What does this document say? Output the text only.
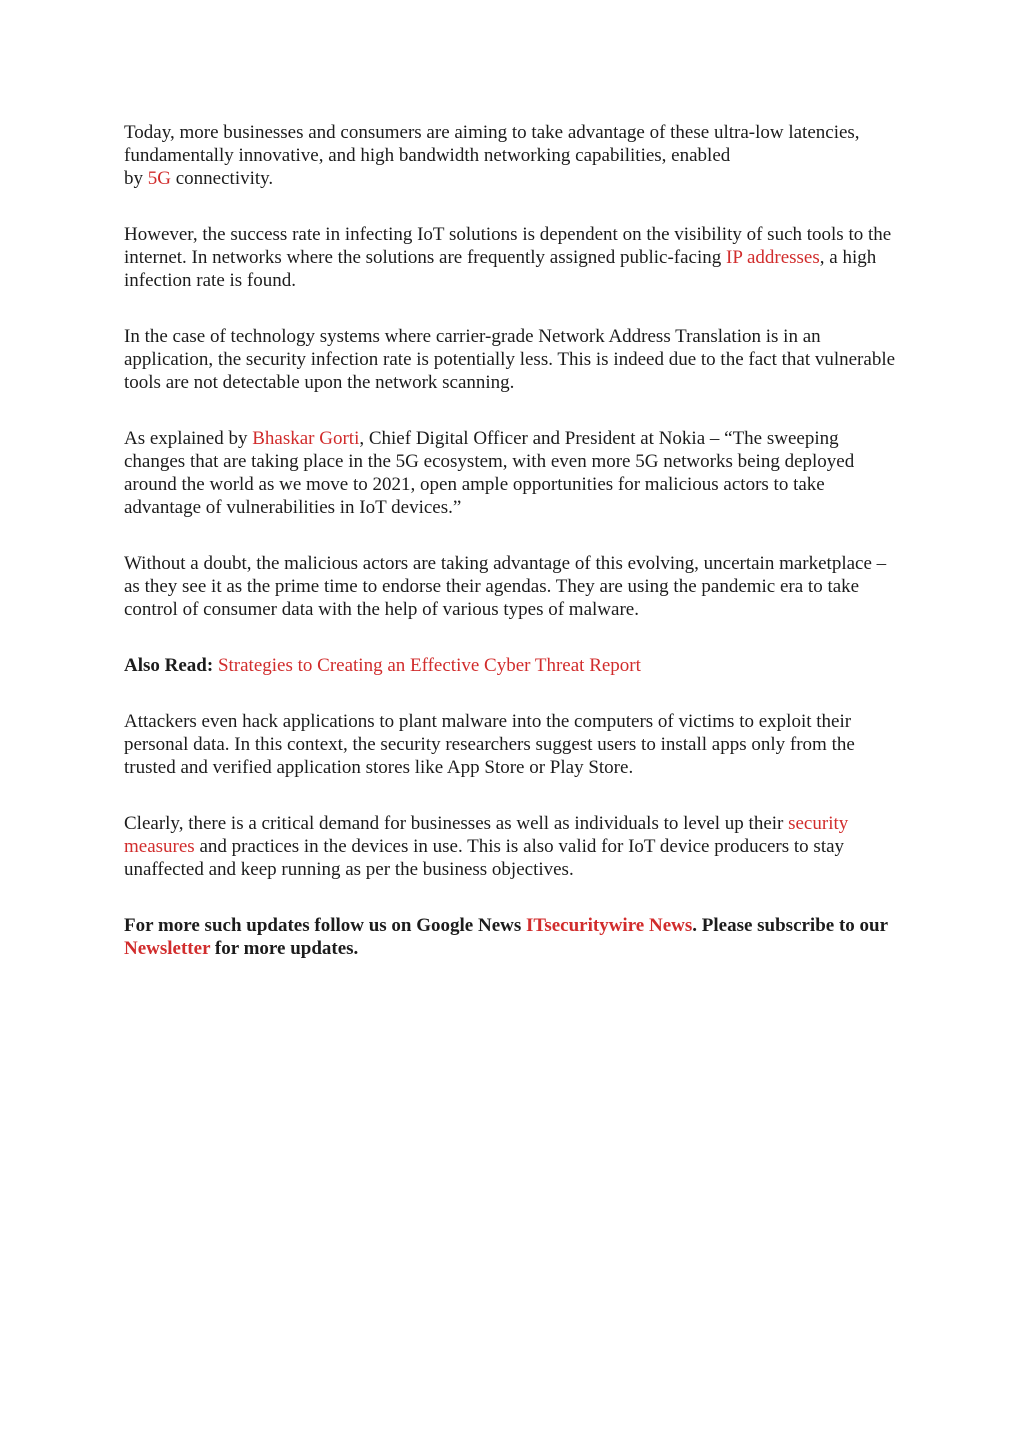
Today, more businesses and consumers are aiming to take advantage of these ultra-low latencies, fundamentally innovative, and high bandwidth networking capabilities, enabled
by 5G connectivity.

However, the success rate in infecting IoT solutions is dependent on the visibility of such tools to the internet. In networks where the solutions are frequently assigned public-facing IP addresses, a high infection rate is found.

In the case of technology systems where carrier-grade Network Address Translation is in an application, the security infection rate is potentially less. This is indeed due to the fact that vulnerable tools are not detectable upon the network scanning.

As explained by Bhaskar Gorti, Chief Digital Officer and President at Nokia – “The sweeping changes that are taking place in the 5G ecosystem, with even more 5G networks being deployed around the world as we move to 2021, open ample opportunities for malicious actors to take advantage of vulnerabilities in IoT devices.”

Without a doubt, the malicious actors are taking advantage of this evolving, uncertain marketplace – as they see it as the prime time to endorse their agendas. They are using the pandemic era to take control of consumer data with the help of various types of malware.

Also Read: Strategies to Creating an Effective Cyber Threat Report

Attackers even hack applications to plant malware into the computers of victims to exploit their personal data. In this context, the security researchers suggest users to install apps only from the trusted and verified application stores like App Store or Play Store.

Clearly, there is a critical demand for businesses as well as individuals to level up their security measures and practices in the devices in use. This is also valid for IoT device producers to stay unaffected and keep running as per the business objectives.

For more such updates follow us on Google News ITsecuritywire News. Please subscribe to our Newsletter for more updates.
